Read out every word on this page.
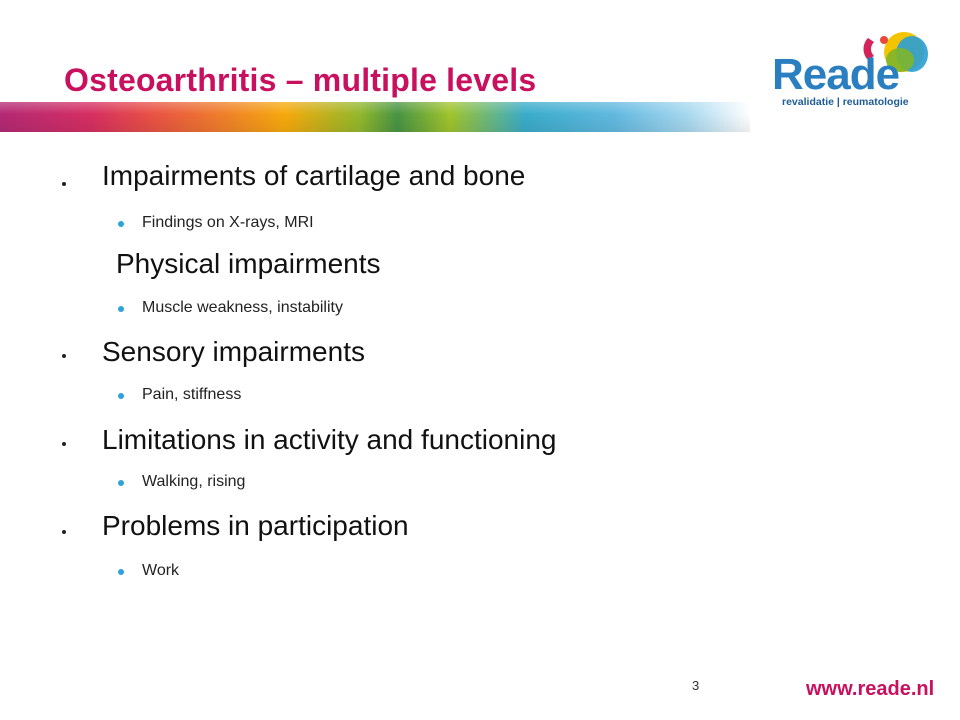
Osteoarthritis – multiple levels	Reade
revalidatie | reumatologie
Impairments of cartilage and bone
Findings on X-rays, MRI
Physical impairments
Muscle weakness, instability
Sensory impairments
Pain, stiffness
Limitations in activity and functioning
Walking, rising
Problems in participation
Work
3	www.reade.nl
